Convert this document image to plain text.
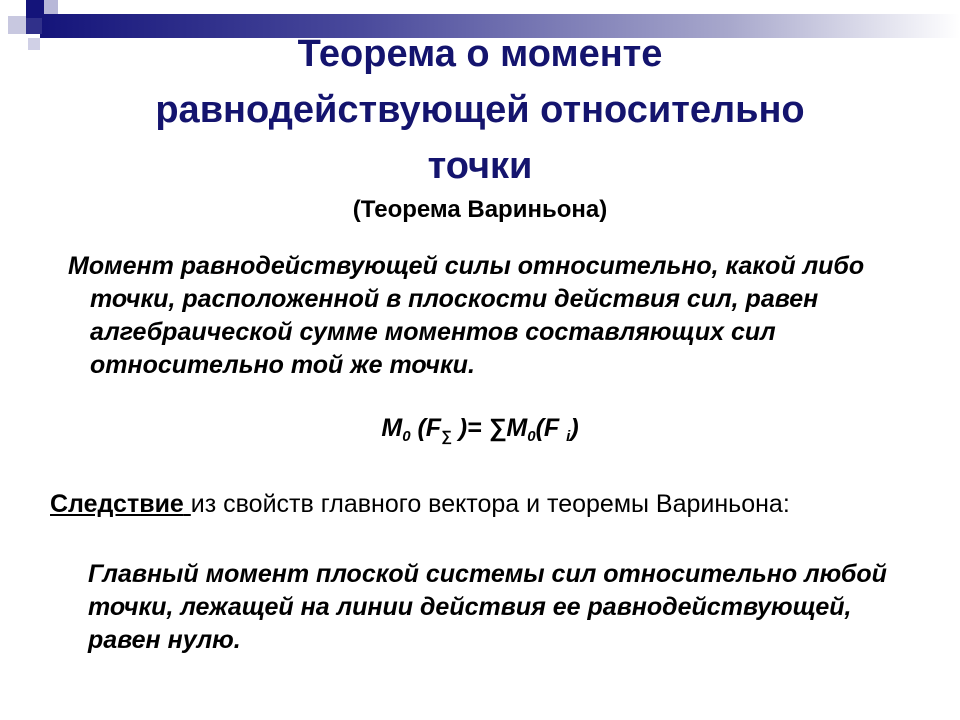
Теорема о моменте
равнодействующей относительно
точки

(Теорема Вариньона)

Момент равнодействующей силы относительно, какой либо точки, расположенной в плоскости действия сил, равен алгебраической сумме моментов составляющих сил относительно той же точки.

$M_0$ ($F_\sum$ )= $\sum M_0(F$ $_i$)

Следствие из свойств главного вектора и теоремы Вариньона:

Главный момент плоской системы сил относительно любой точки, лежащей на линии действия ее равнодействующей, равен нулю.
